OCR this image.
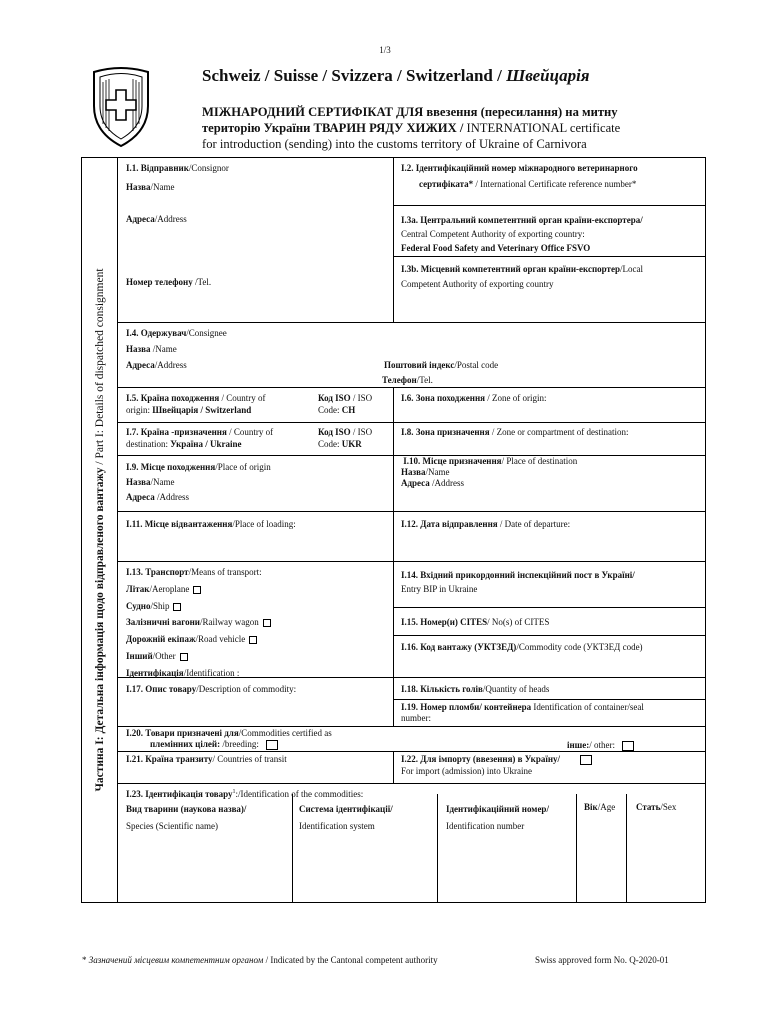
1/3
Schweiz / Suisse / Svizzera / Switzerland / Швейцарія
МІЖНАРОДНИЙ СЕРТИФІКАТ ДЛЯ ввезення (пересилання) на митну
територію України ТВАРИН РЯДУ ХИЖИХ / INTERNATIONAL certificate
for introduction (sending) into the customs territory of Ukraine of Carnivora
Частина І: Детальна інформація щодо відправленого вантажу / Part I: Details of dispatched consignment
І.1. Відправник/Consignor
Назва/Name
Адреса/Address
Номер телефону /Tel.
І.2. Ідентифікаційний номер міжнародного ветеринарного
сертифіката* / International Certificate reference number*
І.3a. Центральний компетентний орган країни-експортера/
Central Competent Authority of exporting country:
Federal Food Safety and Veterinary Office FSVO
І.3b. Місцевий компетентний орган країни-експортер/Local
Competent Authority of exporting country
І.4. Одержувач/Consignee
Назва /Name
Адреса/Address	Поштовий індекс/Postal code
Телефон/Tel.
І.5. Країна походження / Country of
origin: Швейцарія / Switzerland
Код ISO / ISO
Code: CH
І.6. Зона походження / Zone of origin:
І.7. Країна -призначення / Country of
destination: Україна / Ukraine
Код ISO / ISO
Code: UKR
І.8. Зона призначення / Zone or compartment of destination:
І.9. Місце походження/Place of origin
Назва/Name
Адреса /Address
І.10. Місце призначення/ Place of destination
Назва/Name
Адреса /Address
І.11. Місце відвантаження/Place of loading:	І.12. Дата відправлення / Date of departure:
І.13. Транспорт/Means of transport:
Літак/Aeroplane
Судно/Ship
Залізничні вагони/Railway wagon
Дорожній екіпаж/Road vehicle
Інший/Other
Ідентифікація/Identification :
І.14. Вхідний прикордонний інспекційний пост в Україні/
Entry BIP in Ukraine
І.15. Номер(и) CITES/ No(s) of CITES
І.16. Код вантажу (УКТЗЕД)/Commodity code (УКТЗЕД code)
І.17. Опис товару/Description of commodity:	І.18. Кількість голів/Quantity of heads
І.19. Номер пломби/ контейнера Identification of container/seal
number:
І.20. Товари призначені для/Commodities certified as
племінних цілей: /breeding:	інше:/ other:
І.21. Країна транзиту/ Countries of transit	І.22. Для імпорту (ввезення) в Україну/
For import (admission) into Ukraine
І.23. Ідентифікація товару$^1$:/Identification of the commodities:
Вид тварини (наукова назва)/
Species (Scientific name)
Система ідентифікації/
Identification system
Ідентифікаційний номер/
Identification number
Вік/Age Стать/Sex
* Зазначений місцевим компетентним органом / Indicated by the Cantonal competent authority	Swiss approved form No. Q-2020-01
